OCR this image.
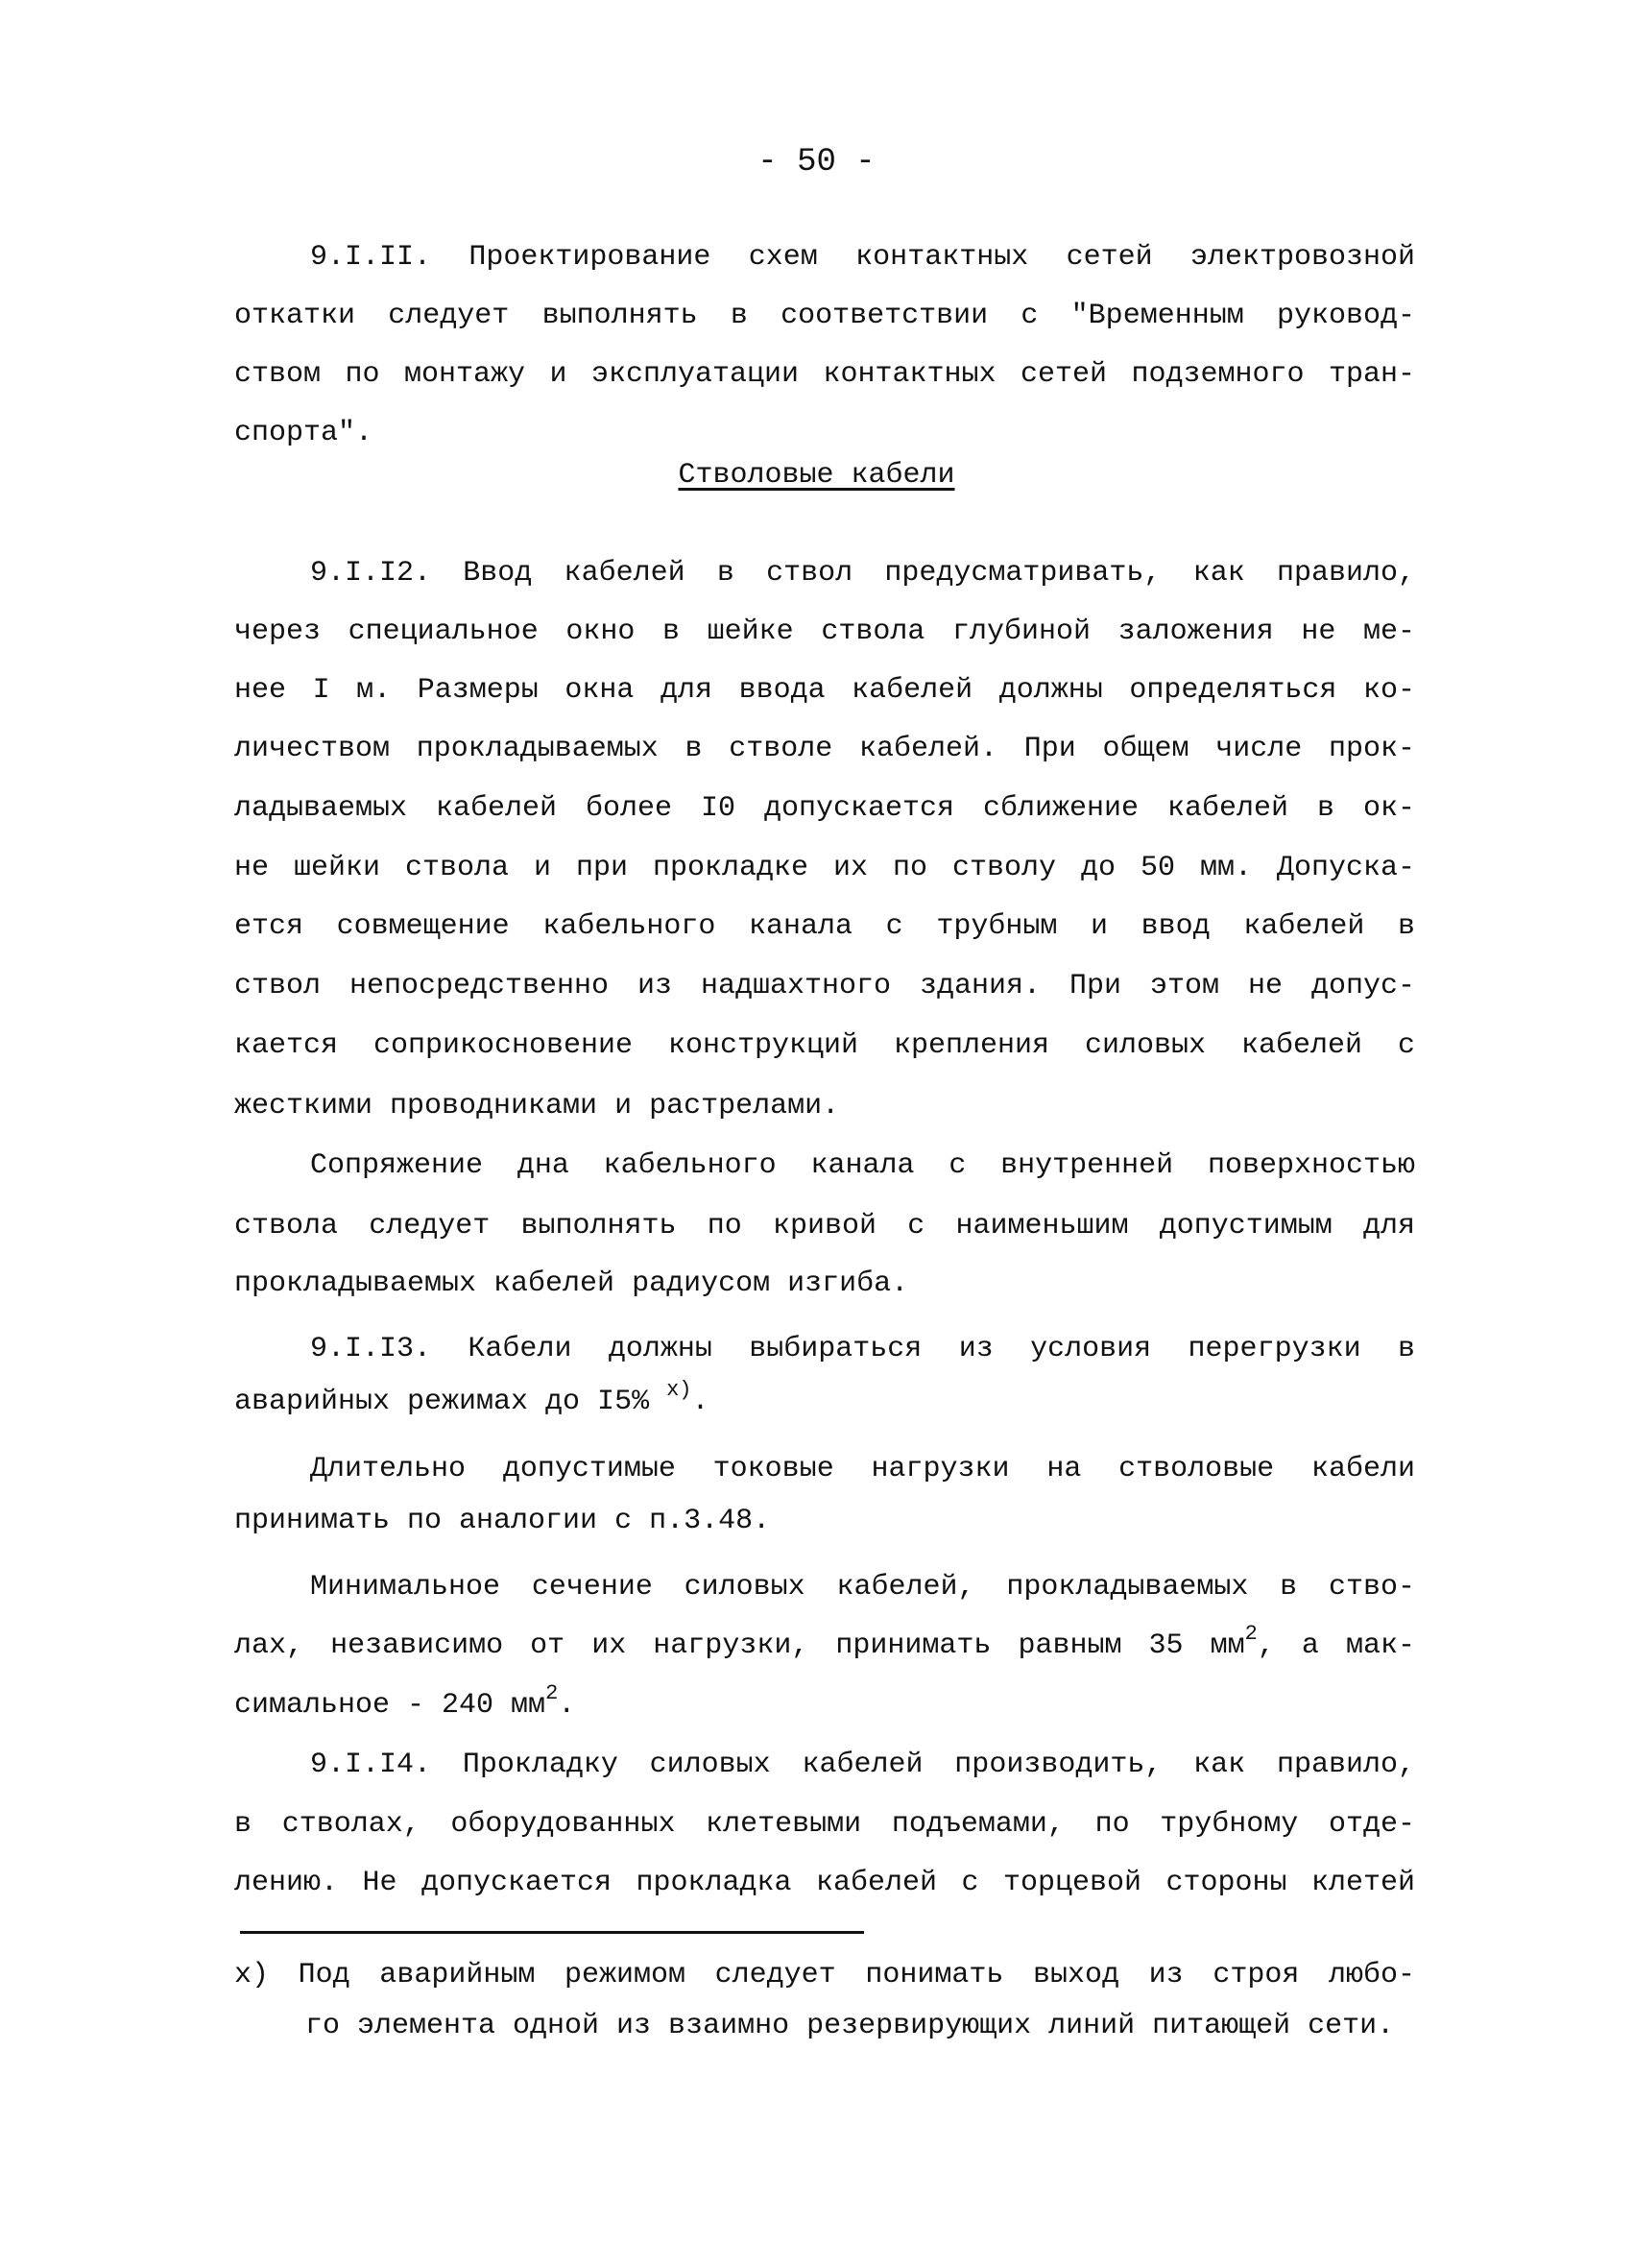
- 50 -
9.I.II. Проектирование схем контактных сетей электровозной
откатки следует выполнять в соответствии с "Временным руковод-
ством по монтажу и эксплуатации контактных сетей подземного тран-
спорта".
Стволовые кабели
9.I.I2. Ввод кабелей в ствол предусматривать, как правило,
через специальное окно в шейке ствола глубиной заложения не ме-
нее I м. Размеры окна для ввода кабелей должны определяться ко-
личеством прокладываемых в стволе кабелей. При общем числе прок-
ладываемых кабелей более I0 допускается сближение кабелей в ок-
не шейки ствола и при прокладке их по стволу до 50 мм. Допуска-
ется совмещение кабельного канала с трубным и ввод кабелей в
ствол непосредственно из надшахтного здания. При этом не допус-
кается соприкосновение конструкций крепления силовых кабелей с
жесткими проводниками и растрелами.
Сопряжение дна кабельного канала с внутренней поверхностью
ствола следует выполнять по кривой с наименьшим допустимым для
прокладываемых кабелей радиусом изгиба.
9.I.I3. Кабели должны выбираться из условия перегрузки в
аварийных режимах до I5% $^{x)}$.
Длительно допустимые токовые нагрузки на стволовые кабели
принимать по аналогии с п.3.48.
Минимальное сечение силовых кабелей, прокладываемых в ство-
лах, независимо от их нагрузки, принимать равным 35 $мм^2$, а мак-
симальное - 240 $мм^2$.
9.I.I4. Прокладку силовых кабелей производить, как правило,
в стволах, оборудованных клетевыми подъемами, по трубному отде-
лению. Не допускается прокладка кабелей с торцевой стороны клетей
x) Под аварийным режимом следует понимать выход из строя любо-
го элемента одной из взаимно резервирующих линий питающей сети.
